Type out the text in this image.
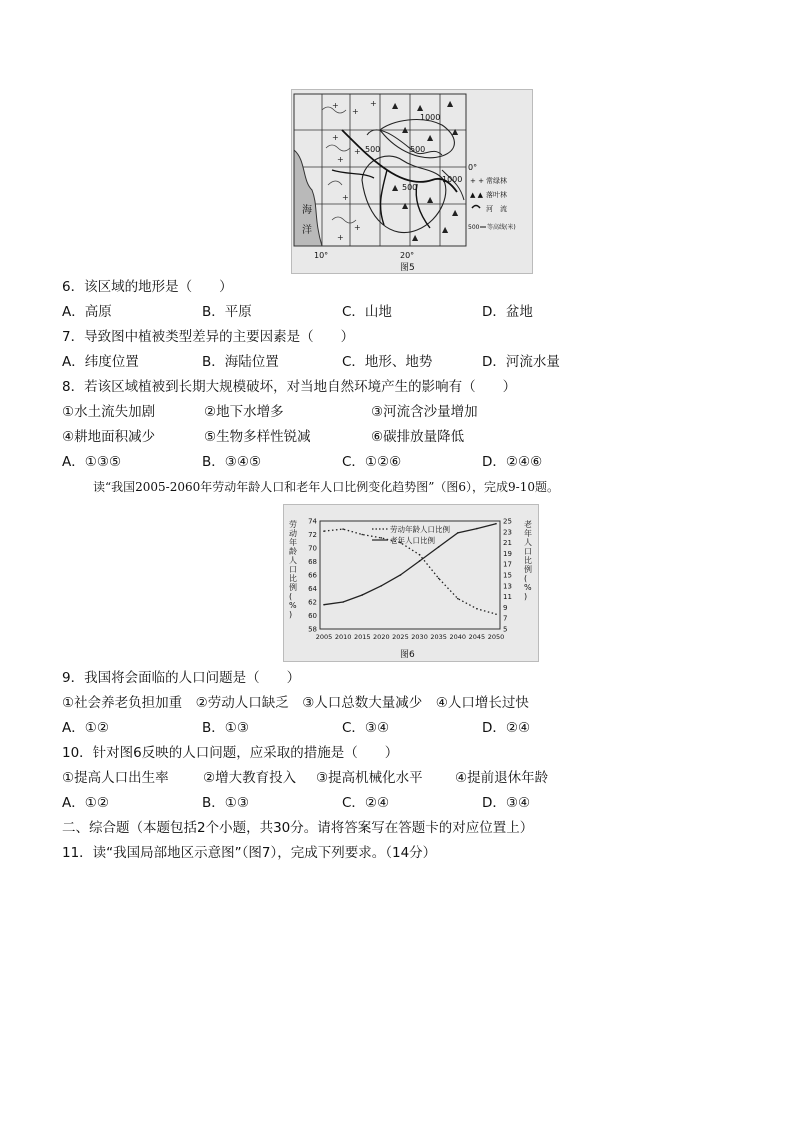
+
+
+ ▲ ▲	▲
▲
▲
▲
+
+
+
▲
▲
▲
▲
▲
▲
+
+
+
海
洋
1000
500	500
500
1000
0°
10°	20°
图5
+ + 常绿林
▲ ▲ 落叶林
河　流
500 等高线(米)
6．该区域的地形是（　　）
A．高原	B．平原	C．山地	D．盆地
7．导致图中植被类型差异的主要因素是（　　）
A．纬度位置	B．海陆位置	C．地形、地势	D．河流水量
8．若该区域植被到长期大规模破坏，对当地自然环境产生的影响有（　　）
①水土流失加剧	②地下水增多	③河流含沙量增加
④耕地面积减少	⑤生物多样性锐减	⑥碳排放量降低
A．①③⑤	B．③④⑤	C．①②⑥	D．②④⑥
读“我国2005-2060年劳动年龄人口和老年人口比例变化趋势图”（图6），完成9-10题。
74
72
70
68
66
64
62
60
58
25
23
21
19
17
15
13
11
9
7
5
2005 2010 2015 2020 2025 2030 2035 2040 2045 2050
劳动年龄人口比例( % )
老年人口比例( % )
劳动年龄人口比例
老年人口比例
图6
9．我国将会面临的人口问题是（　　）
①社会养老负担加重　②劳动人口缺乏　③人口总数大量减少　④人口增长过快
A．①②	B．①③	C．③④	D．②④
10．针对图6反映的人口问题，应采取的措施是（　　）
①提高人口出生率	②增大教育投入 ③提高机械化水平 ④提前退休年龄
A．①②	B．①③	C．②④	D．③④
二、综合题（本题包括2个小题，共30分。请将答案写在答题卡的对应位置上）
11．读“我国局部地区示意图”（图7），完成下列要求。（14分）
